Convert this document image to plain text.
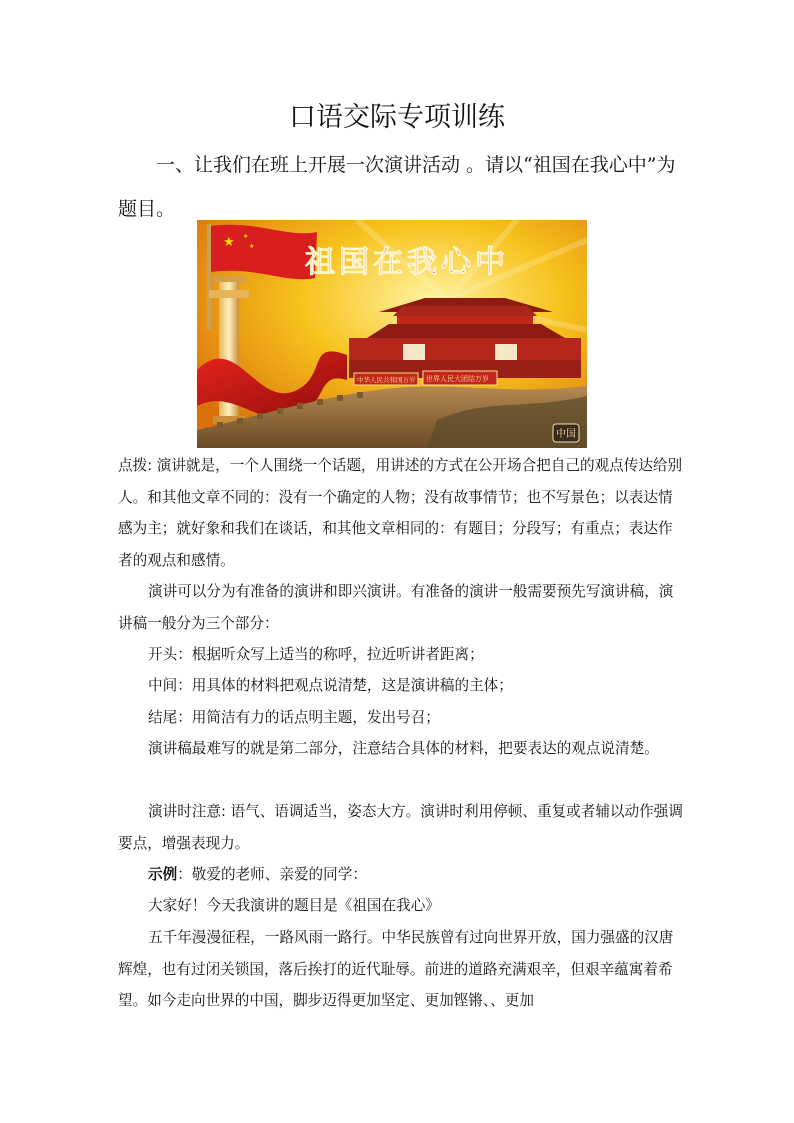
口语交际专项训练
一、让我们在班上开展一次演讲活动 。请以“祖国在我心中”为题目。
★ ★
★ 祖国在我心中
中华人民共和国万岁 世界人民大团结万岁
中国

点拨: 演讲就是，一个人围绕一个话题，用讲述的方式在公开场合把自己的观点传达给别人。和其他文章不同的：没有一个确定的人物；没有故事情节；也不写景色；以表达情感为主；就好象和我们在谈话，和其他文章相同的：有题目；分段写；有重点；表达作者的观点和感情。

演讲可以分为有准备的演讲和即兴演讲。有准备的演讲一般需要预先写演讲稿，演讲稿一般分为三个部分：

开头：根据听众写上适当的称呼，拉近听讲者距离；
中间：用具体的材料把观点说清楚，这是演讲稿的主体；
结尾：用简洁有力的话点明主题，发出号召；

演讲稿最难写的就是第二部分，注意结合具体的材料，把要表达的观点说清楚。

演讲时注意: 语气、语调适当，姿态大方。演讲时利用停顿、重复或者辅以动作强调要点，增强表现力。

示例：敬爱的老师、亲爱的同学：
大家好！今天我演讲的题目是《祖国在我心》

五千年漫漫征程，一路风雨一路行。中华民族曾有过向世界开放，国力强盛的汉唐辉煌，也有过闭关锁国，落后挨打的近代耻辱。前进的道路充满艰辛，但艰辛蕴寓着希望。如今走向世界的中国，脚步迈得更加坚定、更加铿锵、、更加
